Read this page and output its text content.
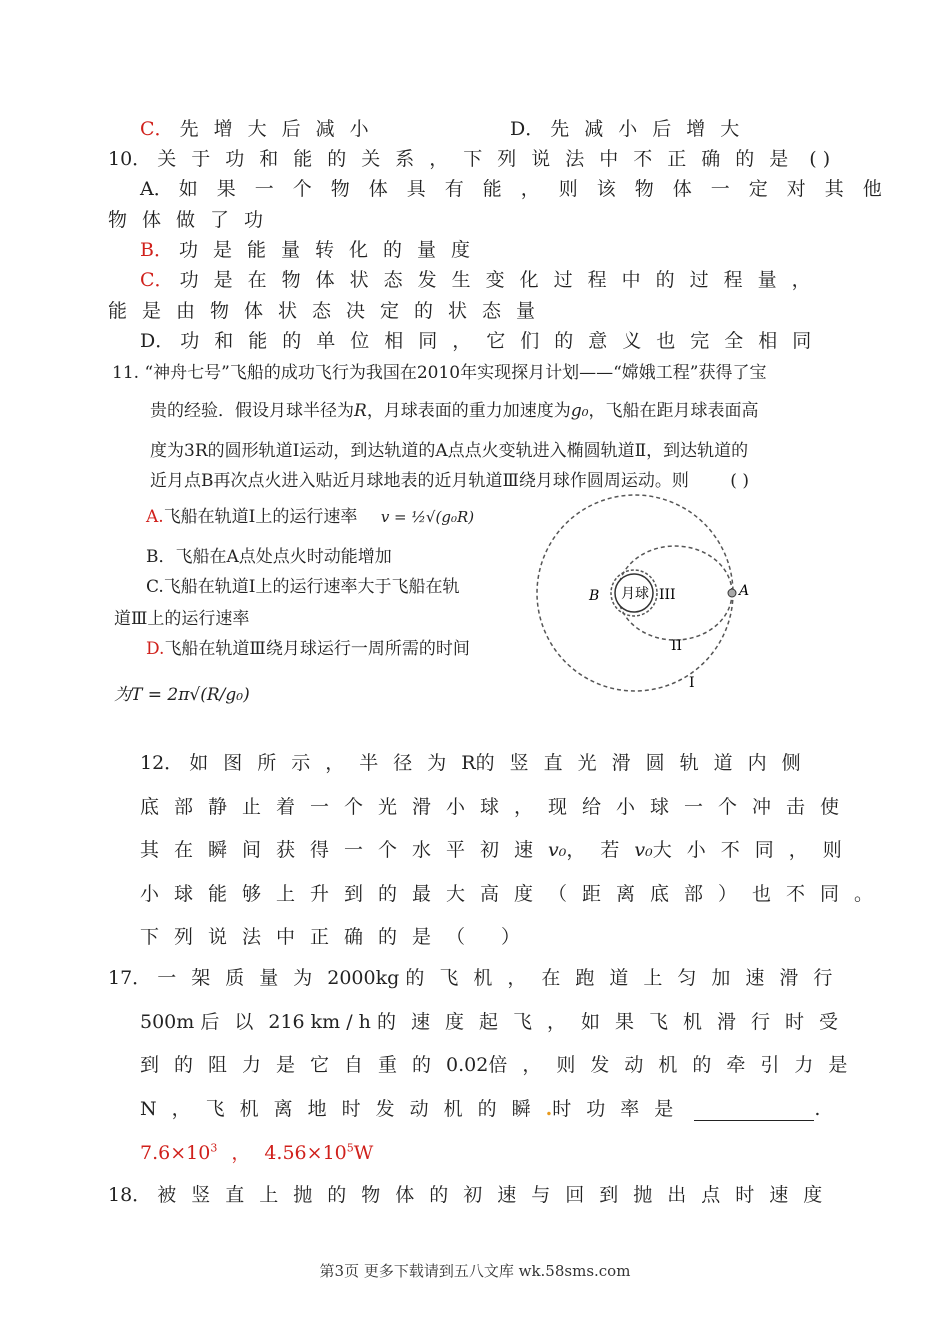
C． 先增大后减小	D． 先减小后增大
10． 关于功和能的关系，下列说法中不正确的是 ( )
A． 如果一个物体具有能，则该物体一定对其他
物体做了功
B． 功是能量转化的量度
C． 功是在物体状态发生变化过程中的过程量，
能是由物体状态决定的状态量
D． 功和能的单位相同，它们的意义也完全相同
11. “神舟七号”飞船的成功飞行为我国在2010年实现探月计划——“嫦娥工程”获得了宝
贵的经验．假设月球半径为R，月球表面的重力加速度为g₀，飞船在距月球表面高
度为3R的圆形轨道Ⅰ运动，到达轨道的A点点火变轨进入椭圆轨道Ⅱ，到达轨道的
近月点B再次点火进入贴近月球地表的近月轨道Ⅲ绕月球作圆周运动。则 ( )
A.飞船在轨道Ⅰ上的运行速率 v = ½√(g₀R)
B．飞船在A点处点火时动能增加
C.飞船在轨道Ⅰ上的运行速率大于飞船在轨
道Ⅲ上的运行速率
D.飞船在轨道Ⅲ绕月球运行一周所需的时间
为T = 2π√(R/g₀)
月球
B	A
III
II
I
12． 如图所示，半径为R的竖直光滑圆轨道内侧
底部静止着一个光滑小球，现给小球一个冲击使
其在瞬间获得一个水平初速v₀，若v₀大小不同，则
小球能够上升到的最大高度（距离底部）也不同。
下列说法中正确的是（ ）
17． 一架质量为2000kg 的飞机，在跑道上匀加速滑行
500m 后以216 km / h 的速度起飞，如果飞机滑行时受
到的阻力是它自重的0.02倍，则发动机的牵引力是
N，飞机离地时发动机的瞬.时功率是	.
$7.6\times 10^3$ ， $4.56\times 10^5W$
18． 被竖直上抛的物体的初速与回到抛出点时速度
第3页 更多下载请到五八文库 wk.58sms.com
